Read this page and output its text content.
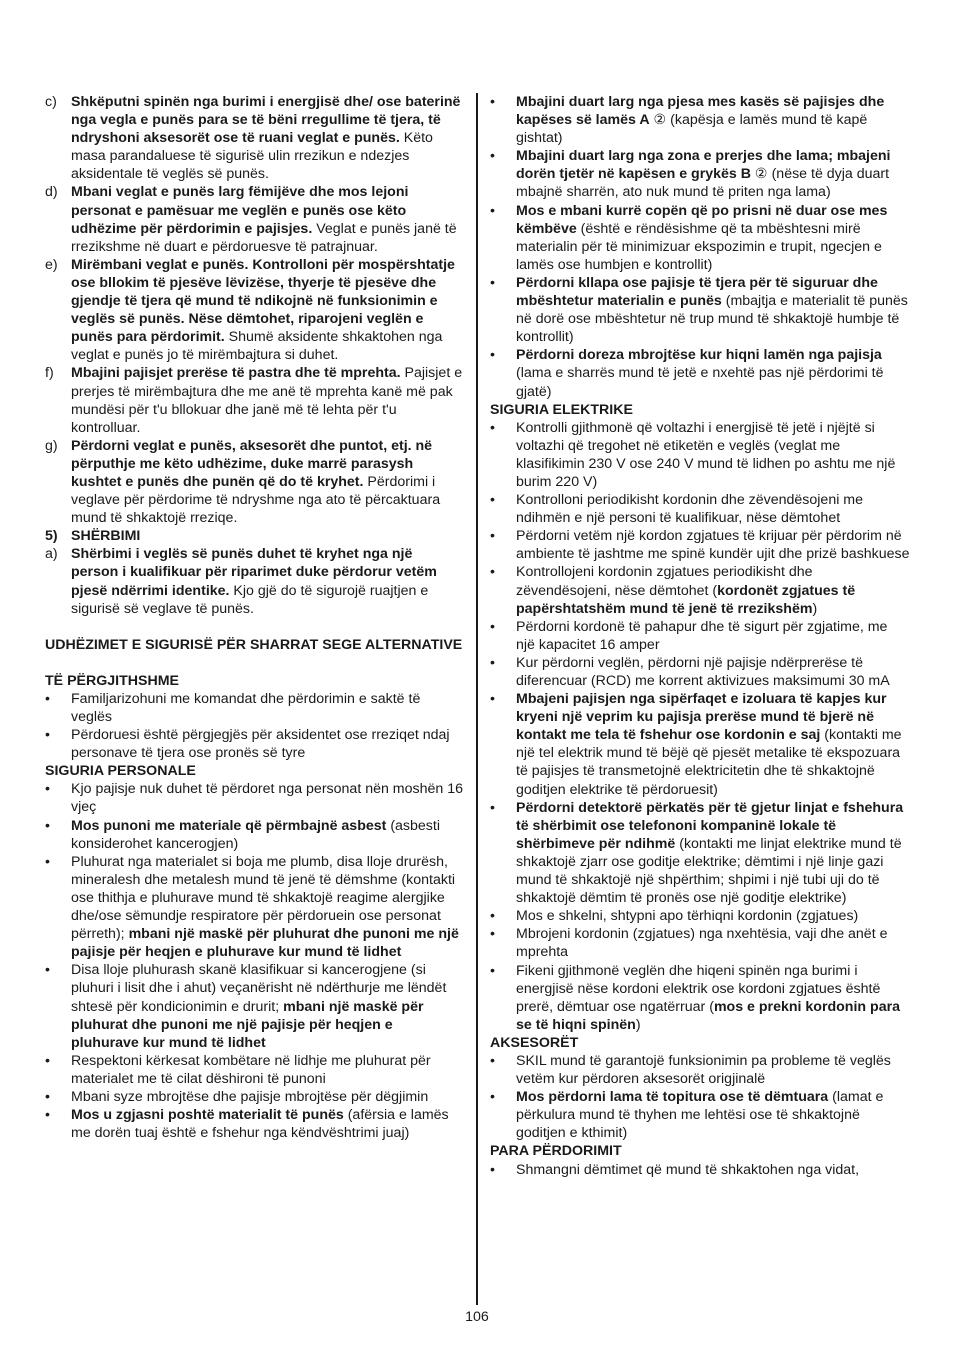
c) Shkëputni spinën nga burimi i energjisë dhe/ ose baterinë nga vegla e punës para se të bëni rregullime të tjera, të ndryshoni aksesorët ose të ruani veglat e punës. Këto masa parandaluese të sigurisë ulin rrezikun e ndezjes aksidentale të veglës së punës.
d) Mbani veglat e punës larg fëmijëve dhe mos lejoni personat e pamësuar me veglën e punës ose këto udhëzime për përdorimin e pajisjes. Veglat e punës janë të rrezikshme në duart e përdoruesve të patrajnuar.
e) Mirëmbani veglat e punës. Kontrolloni për mospërshtatje ose bllokim të pjesëve lëvizëse, thyerje të pjesëve dhe gjendje të tjera që mund të ndikojnë në funksionimin e veglës së punës. Nëse dëmtohet, riparojeni veglën e punës para përdorimit. Shumë aksidente shkaktohen nga veglat e punës jo të mirëmbajtura si duhet.
f)	Mbajini pajisjet prerëse të pastra dhe të mprehta. Pajisjet e prerjes të mirëmbajtura dhe me anë të mprehta kanë më pak mundësi për t'u bllokuar dhe janë më të lehta për t'u kontrolluar.
g) Përdorni veglat e punës, aksesorët dhe puntot, etj. në përputhje me këto udhëzime, duke marrë parasysh kushtet e punës dhe punën që do të kryhet. Përdorimi i veglave për përdorime të ndryshme nga ato të përcaktuara mund të shkaktojë rreziqe.
5) SHËRBIMI
a) Shërbimi i veglës së punës duhet të kryhet nga një person i kualifikuar për riparimet duke përdorur vetëm pjesë ndërrimi identike. Kjo gjë do të sigurojë ruajtjen e sigurisë së veglave të punës.
UDHËZIMET E SIGURISË PËR SHARRAT SEGE ALTERNATIVE
TË PËRGJITHSHME
•	Familjarizohuni me komandat dhe përdorimin e saktë të veglës
•	Përdoruesi është përgjegjës për aksidentet ose rreziqet ndaj personave të tjera ose pronës së tyre
SIGURIA PERSONALE
•	Kjo pajisje nuk duhet të përdoret nga personat nën moshën 16 vjeç
•	Mos punoni me materiale që përmbajnë asbest (asbesti konsiderohet kancerogjen)
•	Pluhurat nga materialet si boja me plumb, disa lloje drurësh, mineralesh dhe metalesh mund të jenë të dëmshme (kontakti ose thithja e pluhurave mund të shkaktojë reagime alergjike dhe/ose sëmundje respiratore për përdoruein ose personat përreth); mbani një maskë për pluhurat dhe punoni me një pajisje për heqjen e pluhurave kur mund të lidhet
•	Disa lloje pluhurash skanë klasifikuar si kancerogjene (si pluhuri i lisit dhe i ahut) veçanërisht në ndërthurje me lëndët shtesë për kondicionimin e drurit; mbani një maskë për pluhurat dhe punoni me një pajisje për heqjen e pluhurave kur mund të lidhet
•	Respektoni kërkesat kombëtare në lidhje me pluhurat për materialet me të cilat dëshironi të punoni
•	Mbani syze mbrojtëse dhe pajisje mbrojtëse për dëgjimin
•	Mos u zgjasni poshtë materialit të punës (afërsia e lamës me dorën tuaj është e fshehur nga këndvështrimi juaj)
•	Mbajini duart larg nga pjesa mes kasës së pajisjes dhe kapëses së lamës A ② (kapësja e lamës mund të kapë gishtat)
•	Mbajini duart larg nga zona e prerjes dhe lama; mbajeni dorën tjetër në kapësen e grykës B ② (nëse të dyja duart mbajnë sharrën, ato nuk mund të priten nga lama)
•	Mos e mbani kurrë copën që po prisni në duar ose mes këmbëve (është e rëndësishme që ta mbështesni mirë materialin për të minimizuar ekspozimin e trupit, ngecjen e lamës ose humbjen e kontrollit)
•	Përdorni kllapa ose pajisje të tjera për të siguruar dhe mbështetur materialin e punës (mbajtja e materialit të punës në dorë ose mbështetur në trup mund të shkaktojë humbje të kontrollit)
•	Përdorni doreza mbrojtëse kur hiqni lamën nga pajisja (lama e sharrës mund të jetë e nxehtë pas një përdorimi të gjatë)
SIGURIA ELEKTRIKE
•	Kontrolli gjithmonë që voltazhi i energjisë të jetë i njëjtë si voltazhi që tregohet në etiketën e veglës (veglat me klasifikimin 230 V ose 240 V mund të lidhen po ashtu me një burim 220 V)
•	Kontrolloni periodikisht kordonin dhe zëvendësojeni me ndihmën e një personi të kualifikuar, nëse dëmtohet
•	Përdorni vetëm një kordon zgjatues të krijuar për përdorim në ambiente të jashtme me spinë kundër ujit dhe prizë bashkuese
•	Kontrollojeni kordonin zgjatues periodikisht dhe zëvendësojeni, nëse dëmtohet (kordonët zgjatues të papërshtatshëm mund të jenë të rrezikshëm)
•	Përdorni kordonë të pahapur dhe të sigurt për zgjatime, me një kapacitet 16 amper
•	Kur përdorni veglën, përdorni një pajisje ndërprerëse të diferencuar (RCD) me korrent aktivizues maksimumi 30 mA
•	Mbajeni pajisjen nga sipërfaqet e izoluara të kapjes kur kryeni një veprim ku pajisja prerëse mund të bjerë në kontakt me tela të fshehur ose kordonin e saj (kontakti me një tel elektrik mund të bëjë që pjesët metalike të ekspozuara të pajisjes të transmetojnë elektricitetin dhe të shkaktojnë goditjen elektrike të përdoruesit)
•	Përdorni detektorë përkatës për të gjetur linjat e fshehura të shërbimit ose telefononi kompaninë lokale të shërbimeve për ndihmë (kontakti me linjat elektrike mund të shkaktojë zjarr ose goditje elektrike; dëmtimi i një linje gazi mund të shkaktojë një shpërthim; shpimi i një tubi uji do të shkaktojë dëmtim të pronës ose një goditje elektrike)
•	Mos e shkelni, shtypni apo tërhiqni kordonin (zgjatues)
•	Mbrojeni kordonin (zgjatues) nga nxehtësia, vaji dhe anët e mprehta
•	Fikeni gjithmonë veglën dhe hiqeni spinën nga burimi i energjisë nëse kordoni elektrik ose kordoni zgjatues është prerë, dëmtuar ose ngatërruar (mos e prekni kordonin para se të hiqni spinën)
AKSESORËT
•	SKIL mund të garantojë funksionimin pa probleme të veglës vetëm kur përdoren aksesorët origjinalë
•	Mos përdorni lama të topitura ose të dëmtuara (lamat e përkulura mund të thyhen me lehtësi ose të shkaktojnë goditjen e kthimit)
PARA PËRDORIMIT
•	Shmangni dëmtimet që mund të shkaktohen nga vidat,
106
